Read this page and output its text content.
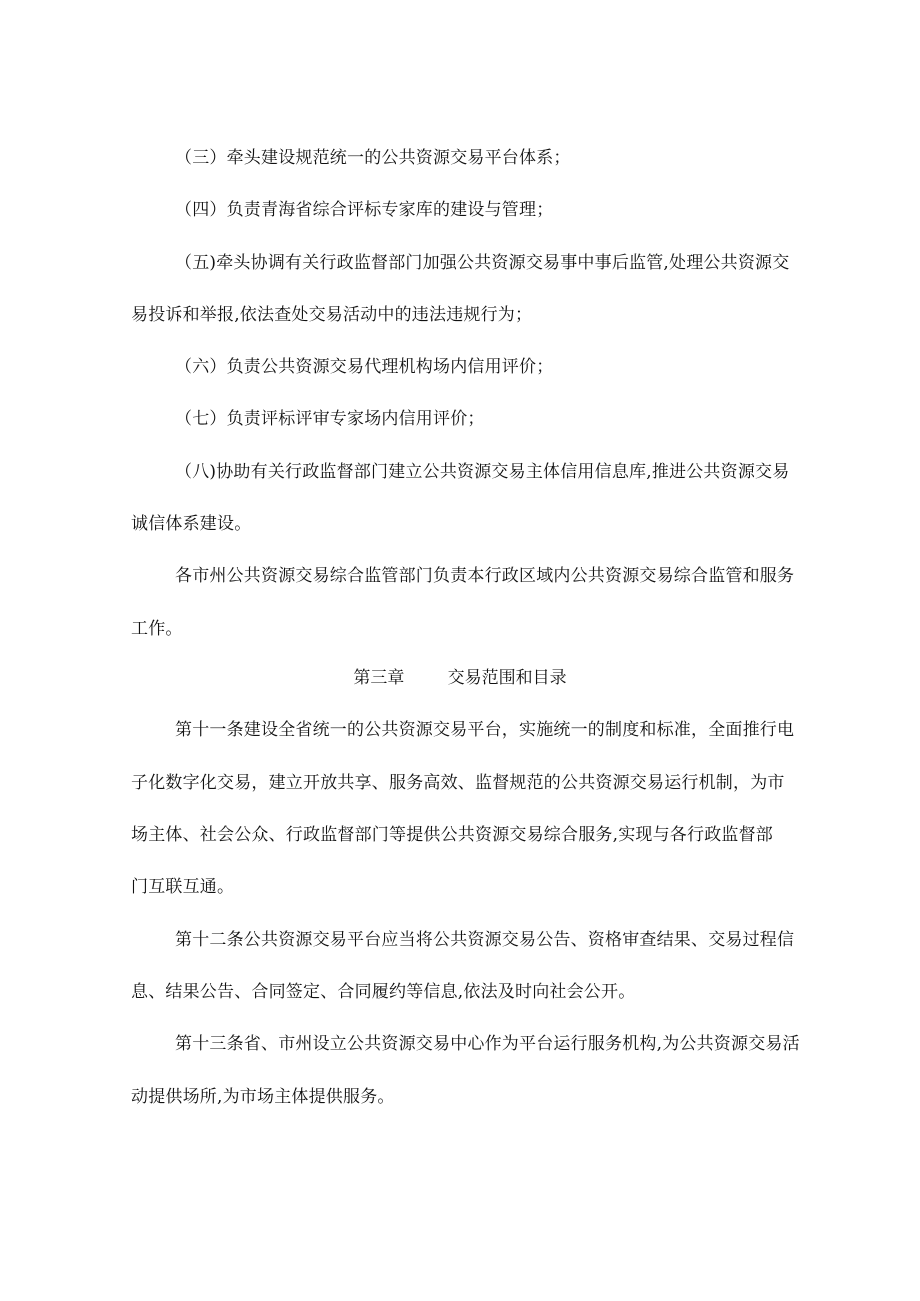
（三）牵头建设规范统一的公共资源交易平台体系；
（四）负责青海省综合评标专家库的建设与管理；
（五)牵头协调有关行政监督部门加强公共资源交易事中事后监管,处理公共资源交
易投诉和举报,依法查处交易活动中的违法违规行为；
（六）负责公共资源交易代理机构场内信用评价；
（七）负责评标评审专家场内信用评价；
（八)协助有关行政监督部门建立公共资源交易主体信用信息库,推进公共资源交易
诚信体系建设。
各市州公共资源交易综合监管部门负责本行政区域内公共资源交易综合监管和服务
工作。
第三章        交易范围和目录
第十一条建设全省统一的公共资源交易平台，实施统一的制度和标准，全面推行电
子化数字化交易，建立开放共享、服务高效、监督规范的公共资源交易运行机制，为市
场主体、社会公众、行政监督部门等提供公共资源交易综合服务,实现与各行政监督部
门互联互通。
第十二条公共资源交易平台应当将公共资源交易公告、资格审查结果、交易过程信
息、结果公告、合同签定、合同履约等信息,依法及时向社会公开。
第十三条省、市州设立公共资源交易中心作为平台运行服务机构,为公共资源交易活
动提供场所,为市场主体提供服务。
